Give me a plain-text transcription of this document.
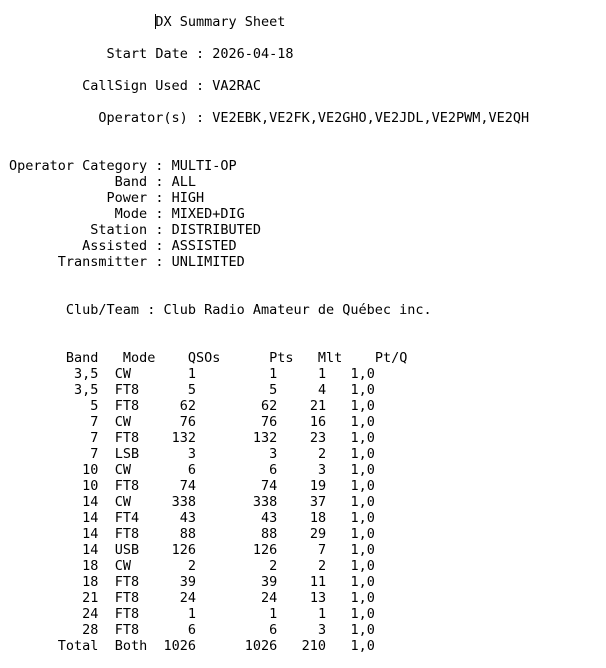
DX Summary Sheet
Start Date : 2026-04-18
CallSign Used : VA2RAC
Operator(s) : VE2EBK,VE2FK,VE2GHO,VE2JDL,VE2PWM,VE2QH
Operator Category : MULTI-OP
Band : ALL
Power : HIGH
Mode : MIXED+DIG
Station : DISTRIBUTED
Assisted : ASSISTED
Transmitter : UNLIMITED
Club/Team : Club Radio Amateur de Québec inc.
Band Mode QSOs	Pts Mlt Pt/Q
3,5 CW	1	1	1 1,0
3,5 FT8	5	5	4 1,0
5 FT8	62	62 21 1,0
7 CW	76	76 16 1,0
7 FT8 132	132 23 1,0
7 LSB	3	3	2 1,0
10 CW	6	6	3 1,0
10 FT8	74	74 19 1,0
14 CW	338	338 37 1,0
14 FT4	43	43 18 1,0
14 FT8	88	88 29 1,0
14 USB 126	126	7 1,0
18 CW	2	2	2 1,0
18 FT8	39	39 11 1,0
21 FT8	24	24 13 1,0
24 FT8	1	1	1 1,0
28 FT8	6	6	3 1,0
Total Both 1026	1026 210 1,0
